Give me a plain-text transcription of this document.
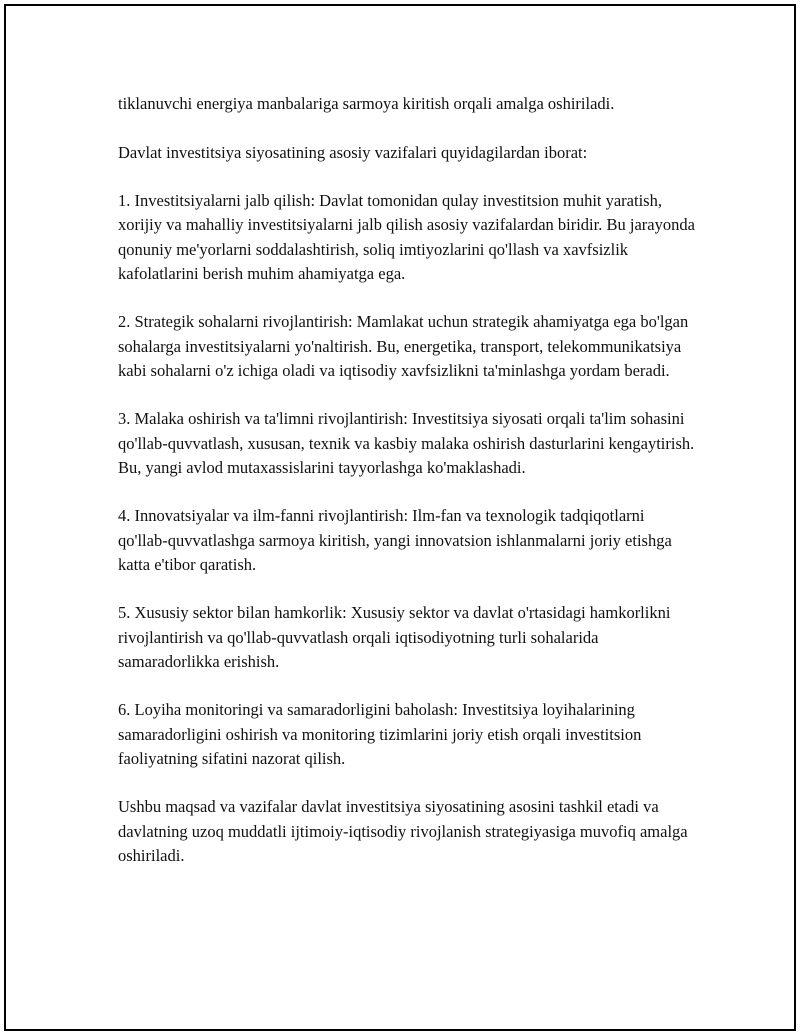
tiklanuvchi energiya manbalariga sarmoya kiritish orqali amalga oshiriladi.

Davlat investitsiya siyosatining asosiy vazifalari quyidagilardan iborat:

1. Investitsiyalarni jalb qilish: Davlat tomonidan qulay investitsion muhit yaratish, xorijiy va mahalliy investitsiyalarni jalb qilish asosiy vazifalardan biridir. Bu jarayonda qonuniy me'yorlarni soddalashtirish, soliq imtiyozlarini qo'llash va xavfsizlik kafolatlarini berish muhim ahamiyatga ega.

2. Strategik sohalarni rivojlantirish: Mamlakat uchun strategik ahamiyatga ega bo'lgan sohalarga investitsiyalarni yo'naltirish. Bu, energetika, transport, telekommunikatsiya kabi sohalarni o'z ichiga oladi va iqtisodiy xavfsizlikni ta'minlashga yordam beradi.

3. Malaka oshirish va ta'limni rivojlantirish: Investitsiya siyosati orqali ta'lim sohasini qo'llab-quvvatlash, xususan, texnik va kasbiy malaka oshirish dasturlarini kengaytirish. Bu, yangi avlod mutaxassislarini tayyorlashga ko'maklashadi.

4. Innovatsiyalar va ilm-fanni rivojlantirish: Ilm-fan va texnologik tadqiqotlarni qo'llab-quvvatlashga sarmoya kiritish, yangi innovatsion ishlanmalarni joriy etishga katta e'tibor qaratish.

5. Xususiy sektor bilan hamkorlik: Xususiy sektor va davlat o'rtasidagi hamkorlikni rivojlantirish va qo'llab-quvvatlash orqali iqtisodiyotning turli sohalarida samaradorlikka erishish.

6. Loyiha monitoringi va samaradorligini baholash: Investitsiya loyihalarining samaradorligini oshirish va monitoring tizimlarini joriy etish orqali investitsion faoliyatning sifatini nazorat qilish.

Ushbu maqsad va vazifalar davlat investitsiya siyosatining asosini tashkil etadi va davlatning uzoq muddatli ijtimoiy-iqtisodiy rivojlanish strategiyasiga muvofiq amalga oshiriladi.
